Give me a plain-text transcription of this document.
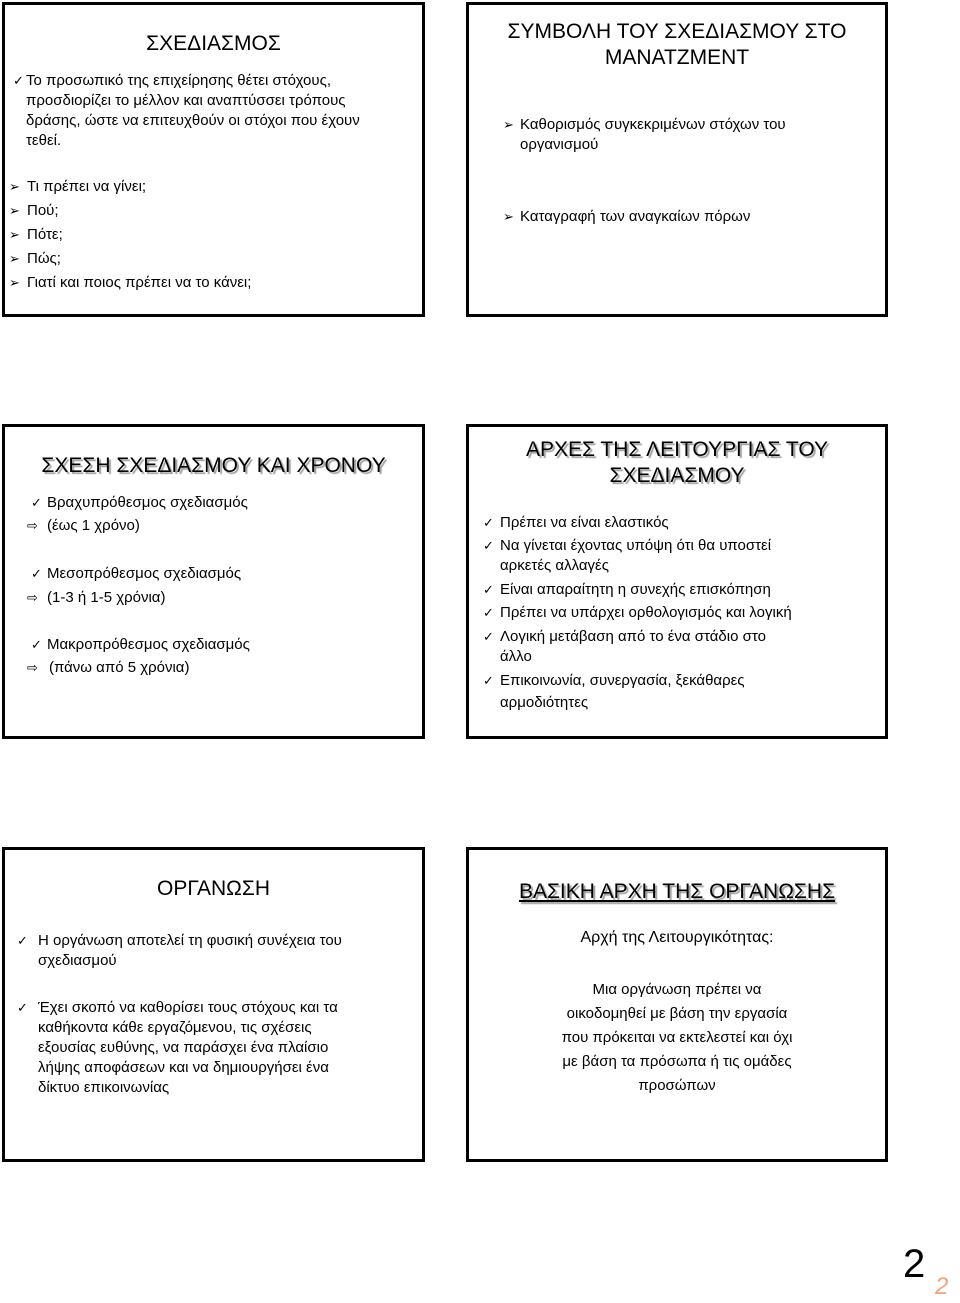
ΣΧΕΔΙΑΣΜΟΣ
✓ Το προσωπικό της επιχείρησης θέτει στόχους,
προσδιορίζει το μέλλον και αναπτύσσει τρόπους
δράσης, ώστε να επιτευχθούν οι στόχοι που έχουν
τεθεί.
➢ Τι πρέπει να γίνει;
➢ Πού;
➢ Πότε;
➢ Πώς;
➢ Γιατί και ποιος πρέπει να το κάνει;
ΣΥΜΒΟΛΗ ΤΟΥ ΣΧΕΔΙΑΣΜΟΥ ΣΤΟ
ΜΑΝΑΤΖΜΕΝΤ
➢ Καθορισμός συγκεκριμένων στόχων του
οργανισμού
➢ Καταγραφή των αναγκαίων πόρων
ΣΧΕΣΗ ΣΧΕΔΙΑΣΜΟΥ ΚΑΙ ΧΡΟΝΟΥ
✓ Βραχυπρόθεσμος σχεδιασμός
⇨ (έως 1 χρόνο)
✓ Μεσοπρόθεσμος σχεδιασμός
⇨ (1-3 ή 1-5 χρόνια)
✓ Μακροπρόθεσμος σχεδιασμός
⇨ (πάνω από 5 χρόνια)
ΑΡΧΕΣ ΤΗΣ ΛΕΙΤΟΥΡΓΙΑΣ ΤΟΥ
ΣΧΕΔΙΑΣΜΟΥ
✓ Πρέπει να είναι ελαστικός
✓ Να γίνεται έχοντας υπόψη ότι θα υποστεί
αρκετές αλλαγές
✓ Είναι απαραίτητη η συνεχής επισκόπηση
✓ Πρέπει να υπάρχει ορθολογισμός και λογική
✓ Λογική μετάβαση από το ένα στάδιο στο
άλλο
✓ Επικοινωνία, συνεργασία, ξεκάθαρες
αρμοδιότητες
ΟΡΓΑΝΩΣΗ
✓ Η οργάνωση αποτελεί τη φυσική συνέχεια του
σχεδιασμού
✓ Έχει σκοπό να καθορίσει τους στόχους και τα
καθήκοντα κάθε εργαζόμενου, τις σχέσεις
εξουσίας ευθύνης, να παράσχει ένα πλαίσιο
λήψης αποφάσεων και να δημιουργήσει ένα
δίκτυο επικοινωνίας
ΒΑΣΙΚΗ ΑΡΧΗ ΤΗΣ ΟΡΓΑΝΩΣΗΣ
Αρχή της Λειτουργικότητας:
Μια οργάνωση πρέπει να
οικοδομηθεί με βάση την εργασία
που πρόκειται να εκτελεστεί και όχι
με βάση τα πρόσωπα ή τις ομάδες
προσώπων
2
2
